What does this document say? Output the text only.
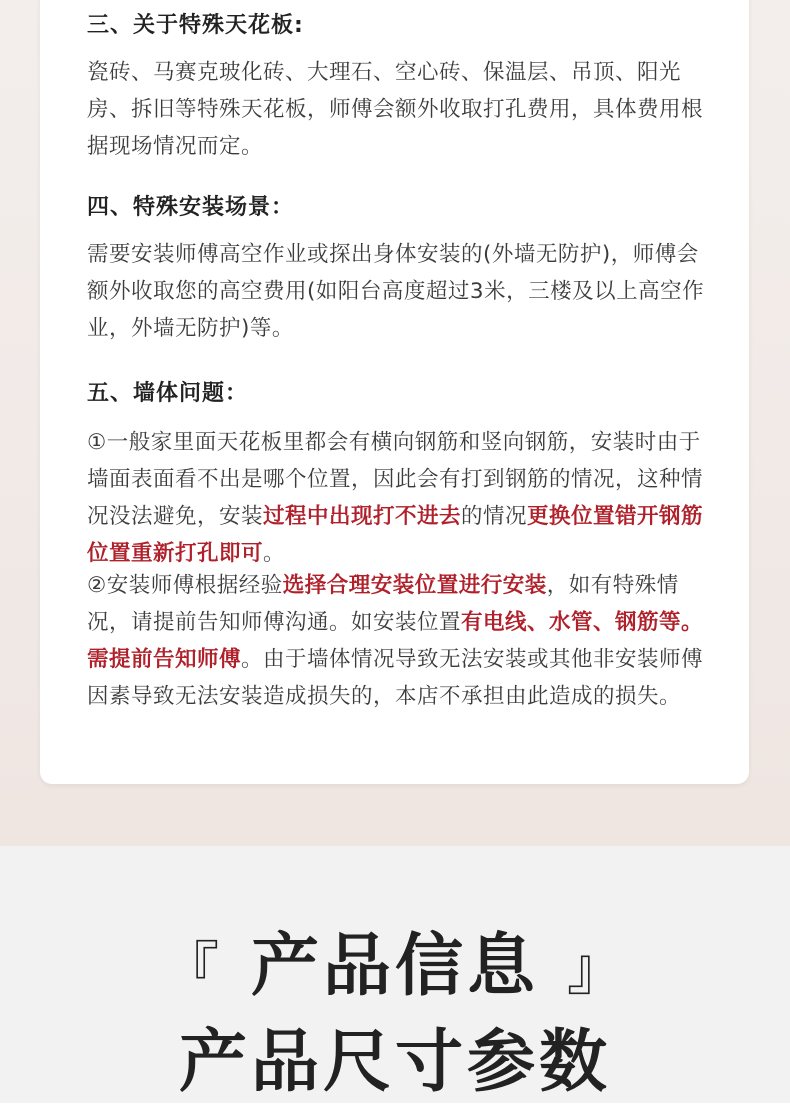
三、关于特殊天花板:
瓷砖、马赛克玻化砖、大理石、空心砖、保温层、吊顶、阳光房、拆旧等特殊天花板，师傅会额外收取打孔费用，具体费用根据现场情况而定。
四、特殊安装场景：
需要安装师傅高空作业或探出身体安装的(外墙无防护)，师傅会额外收取您的高空费用(如阳台高度超过3米，三楼及以上高空作业，外墙无防护)等。
五、墙体问题：
①一般家里面天花板里都会有横向钢筋和竖向钢筋，安装时由于墙面表面看不出是哪个位置，因此会有打到钢筋的情况，这种情况没法避免，安装过程中出现打不进去的情况更换位置错开钢筋位置重新打孔即可。
②安装师傅根据经验选择合理安装位置进行安装，如有特殊情况，请提前告知师傅沟通。如安装位置有电线、水管、钢筋等。需提前告知师傅。由于墙体情况导致无法安装或其他非安装师傅因素导致无法安装造成损失的，本店不承担由此造成的损失。
『 产品信息 』
产品尺寸参数
